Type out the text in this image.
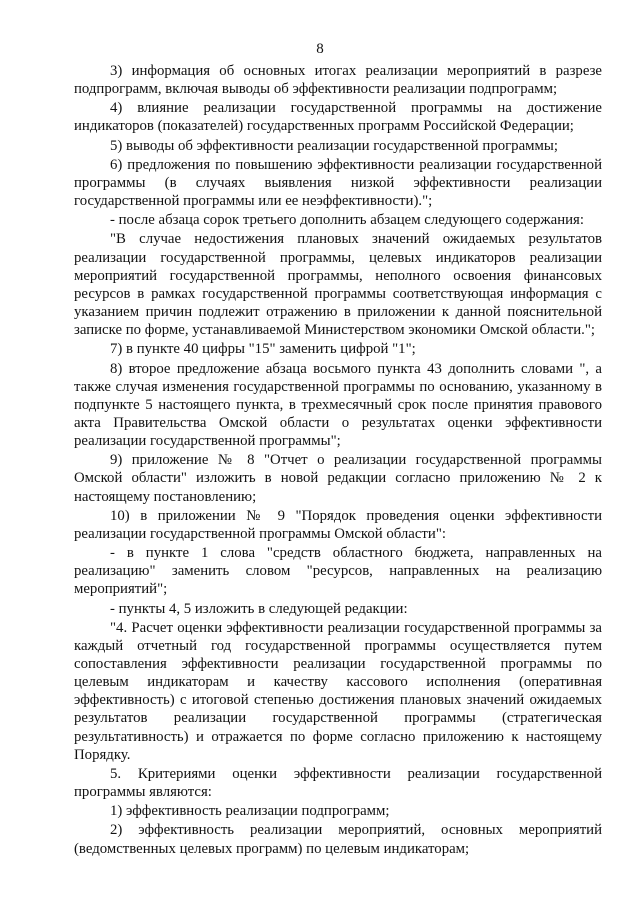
8

3) информация об основных итогах реализации мероприятий в разрезе подпрограмм, включая выводы об эффективности реализации подпрограмм;

4) влияние реализации государственной программы на достижение индикаторов (показателей) государственных программ Российской Федерации;

5) выводы об эффективности реализации государственной программы;

6) предложения по повышению эффективности реализации государственной программы (в случаях выявления низкой эффективности реализации государственной программы или ее неэффективности).";

- после абзаца сорок третьего дополнить абзацем следующего содержания:

"В случае недостижения плановых значений ожидаемых результатов реализации государственной программы, целевых индикаторов реализации мероприятий государственной программы, неполного освоения финансовых ресурсов в рамках государственной программы соответствующая информация с указанием причин подлежит отражению в приложении к данной пояснительной записке по форме, устанавливаемой Министерством экономики Омской области.";

7) в пункте 40 цифры "15" заменить цифрой "1";

8) второе предложение абзаца восьмого пункта 43 дополнить словами ", а также случая изменения государственной программы по основанию, указанному в подпункте 5 настоящего пункта, в трехмесячный срок после принятия правового акта Правительства Омской области о результатах оценки эффективности реализации государственной программы";

9) приложение № 8 "Отчет о реализации государственной программы Омской области" изложить в новой редакции согласно приложению № 2 к настоящему постановлению;

10) в приложении № 9 "Порядок проведения оценки эффективности реализации государственной программы Омской области":

- в пункте 1 слова "средств областного бюджета, направленных на реализацию" заменить словом "ресурсов, направленных на реализацию мероприятий";

- пункты 4, 5 изложить в следующей редакции:

"4. Расчет оценки эффективности реализации государственной программы за каждый отчетный год государственной программы осуществляется путем сопоставления эффективности реализации государственной программы по целевым индикаторам и качеству кассового исполнения (оперативная эффективность) с итоговой степенью достижения плановых значений ожидаемых результатов реализации государственной программы (стратегическая результативность) и отражается по форме согласно приложению к настоящему Порядку.

5. Критериями оценки эффективности реализации государственной программы являются:

1) эффективность реализации подпрограмм;

2) эффективность реализации мероприятий, основных мероприятий (ведомственных целевых программ) по целевым индикаторам;
